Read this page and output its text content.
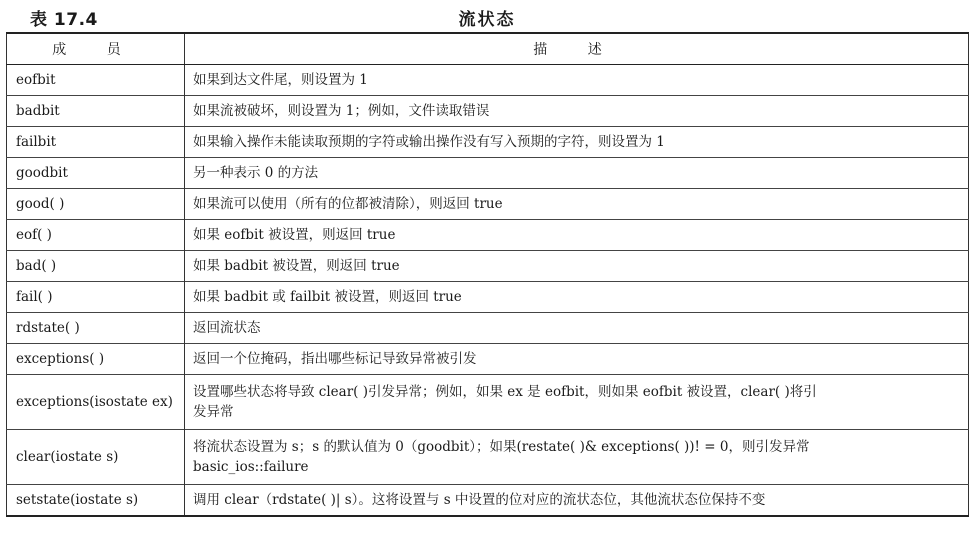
表 17.4	流状态
成 员	描 述
eofbit	如果到达文件尾，则设置为 1
badbit	如果流被破坏，则设置为 1；例如，文件读取错误
failbit	如果输入操作未能读取预期的字符或输出操作没有写入预期的字符，则设置为 1
goodbit	另一种表示 0 的方法
good( )	如果流可以使用（所有的位都被清除），则返回 true
eof( )	如果 eofbit 被设置，则返回 true
bad( )	如果 badbit 被设置，则返回 true
fail( )	如果 badbit 或 failbit 被设置，则返回 true
rdstate( )	返回流状态
exceptions( )	返回一个位掩码，指出哪些标记导致异常被引发
exceptions(isostate ex)	设置哪些状态将导致 clear( )引发异常；例如，如果 ex 是 eofbit，则如果 eofbit 被设置，clear( )将引
发异常

clear(iostate s)	将流状态设置为 s；s 的默认值为 0（goodbit）；如果(restate( )& exceptions( ))! = 0，则引发异常
basic_ios::failure

setstate(iostate s)	调用 clear（rdstate( )| s）。这将设置与 s 中设置的位对应的流状态位，其他流状态位保持不变
